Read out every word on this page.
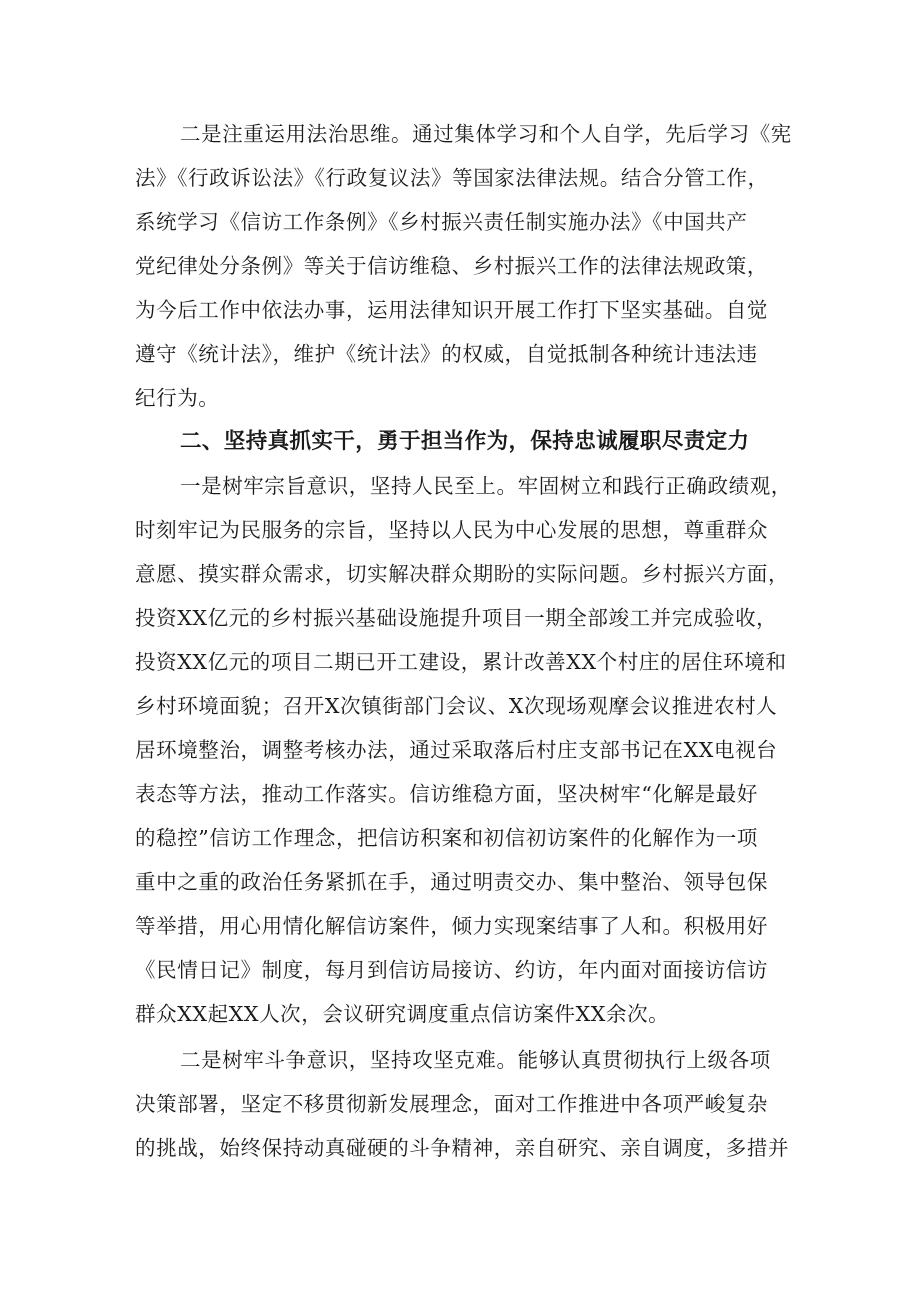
二是注重运用法治思维。通过集体学习和个人自学，先后学习《宪
法》《行政诉讼法》《行政复议法》等国家法律法规。结合分管工作，
系统学习《信访工作条例》《乡村振兴责任制实施办法》《中国共产
党纪律处分条例》等关于信访维稳、乡村振兴工作的法律法规政策，
为今后工作中依法办事，运用法律知识开展工作打下坚实基础。自觉
遵守《统计法》，维护《统计法》的权威，自觉抵制各种统计违法违
纪行为。
二、坚持真抓实干，勇于担当作为，保持忠诚履职尽责定力
一是树牢宗旨意识，坚持人民至上。牢固树立和践行正确政绩观，
时刻牢记为民服务的宗旨，坚持以人民为中心发展的思想，尊重群众
意愿、摸实群众需求，切实解决群众期盼的实际问题。乡村振兴方面，
投资XX亿元的乡村振兴基础设施提升项目一期全部竣工并完成验收，
投资XX亿元的项目二期已开工建设，累计改善XX个村庄的居住环境和
乡村环境面貌；召开X次镇街部门会议、X次现场观摩会议推进农村人
居环境整治，调整考核办法，通过采取落后村庄支部书记在XX电视台
表态等方法，推动工作落实。信访维稳方面，坚决树牢“化解是最好
的稳控”信访工作理念，把信访积案和初信初访案件的化解作为一项
重中之重的政治任务紧抓在手，通过明责交办、集中整治、领导包保
等举措，用心用情化解信访案件，倾力实现案结事了人和。积极用好
《民情日记》制度，每月到信访局接访、约访，年内面对面接访信访
群众XX起XX人次，会议研究调度重点信访案件XX余次。
二是树牢斗争意识，坚持攻坚克难。能够认真贯彻执行上级各项
决策部署，坚定不移贯彻新发展理念，面对工作推进中各项严峻复杂
的挑战，始终保持动真碰硬的斗争精神，亲自研究、亲自调度，多措并
